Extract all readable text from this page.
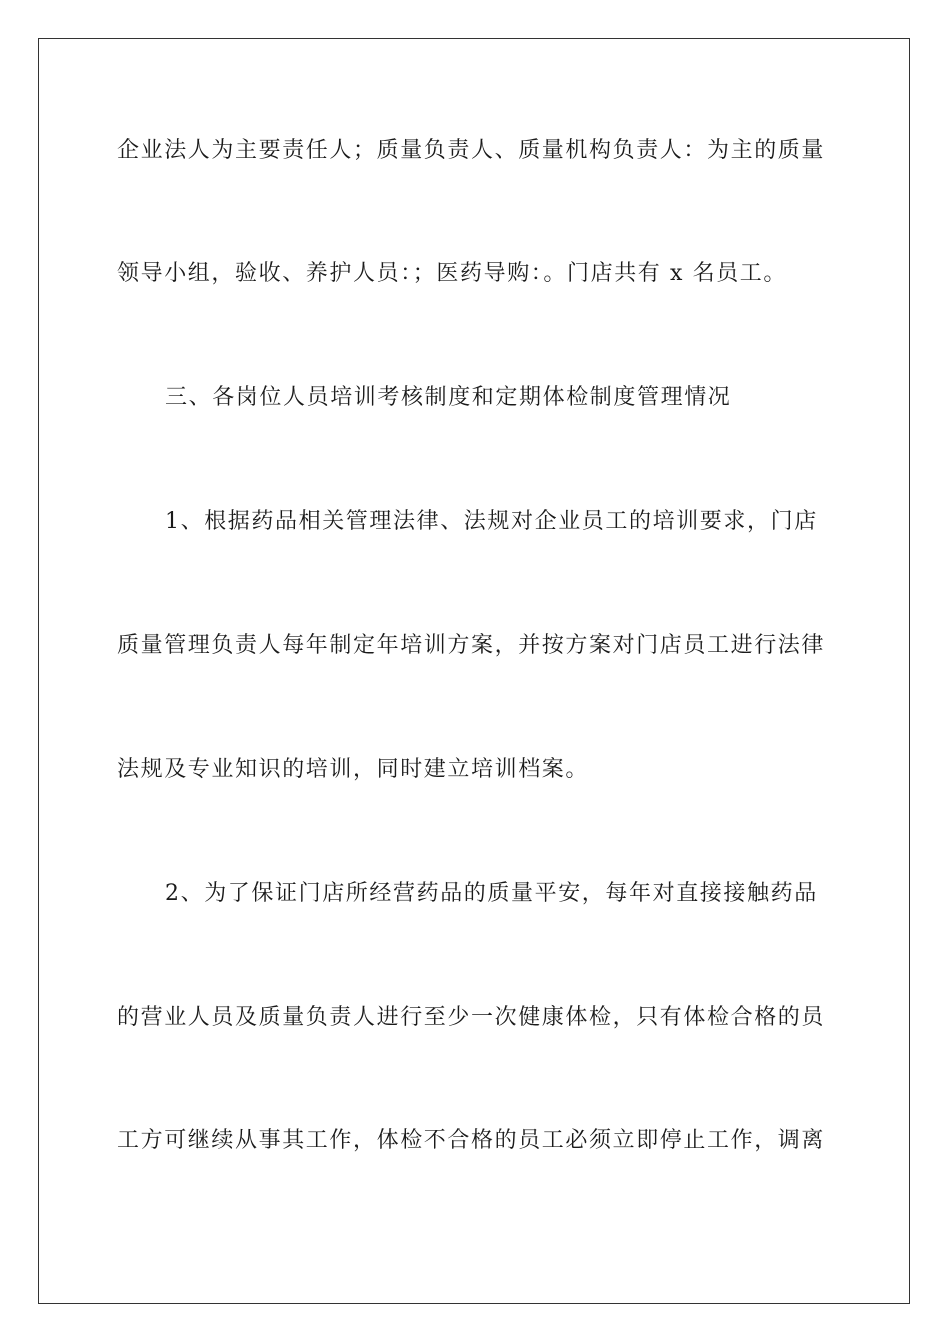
企业法人为主要责任人；质量负责人、质量机构负责人：为主的质量
领导小组，验收、养护人员：；医药导购：。门店共有 x 名员工。
三、各岗位人员培训考核制度和定期体检制度管理情况
1、根据药品相关管理法律、法规对企业员工的培训要求，门店
质量管理负责人每年制定年培训方案，并按方案对门店员工进行法律
法规及专业知识的培训，同时建立培训档案。
2、为了保证门店所经营药品的质量平安，每年对直接接触药品
的营业人员及质量负责人进行至少一次健康体检，只有体检合格的员
工方可继续从事其工作，体检不合格的员工必须立即停止工作，调离
